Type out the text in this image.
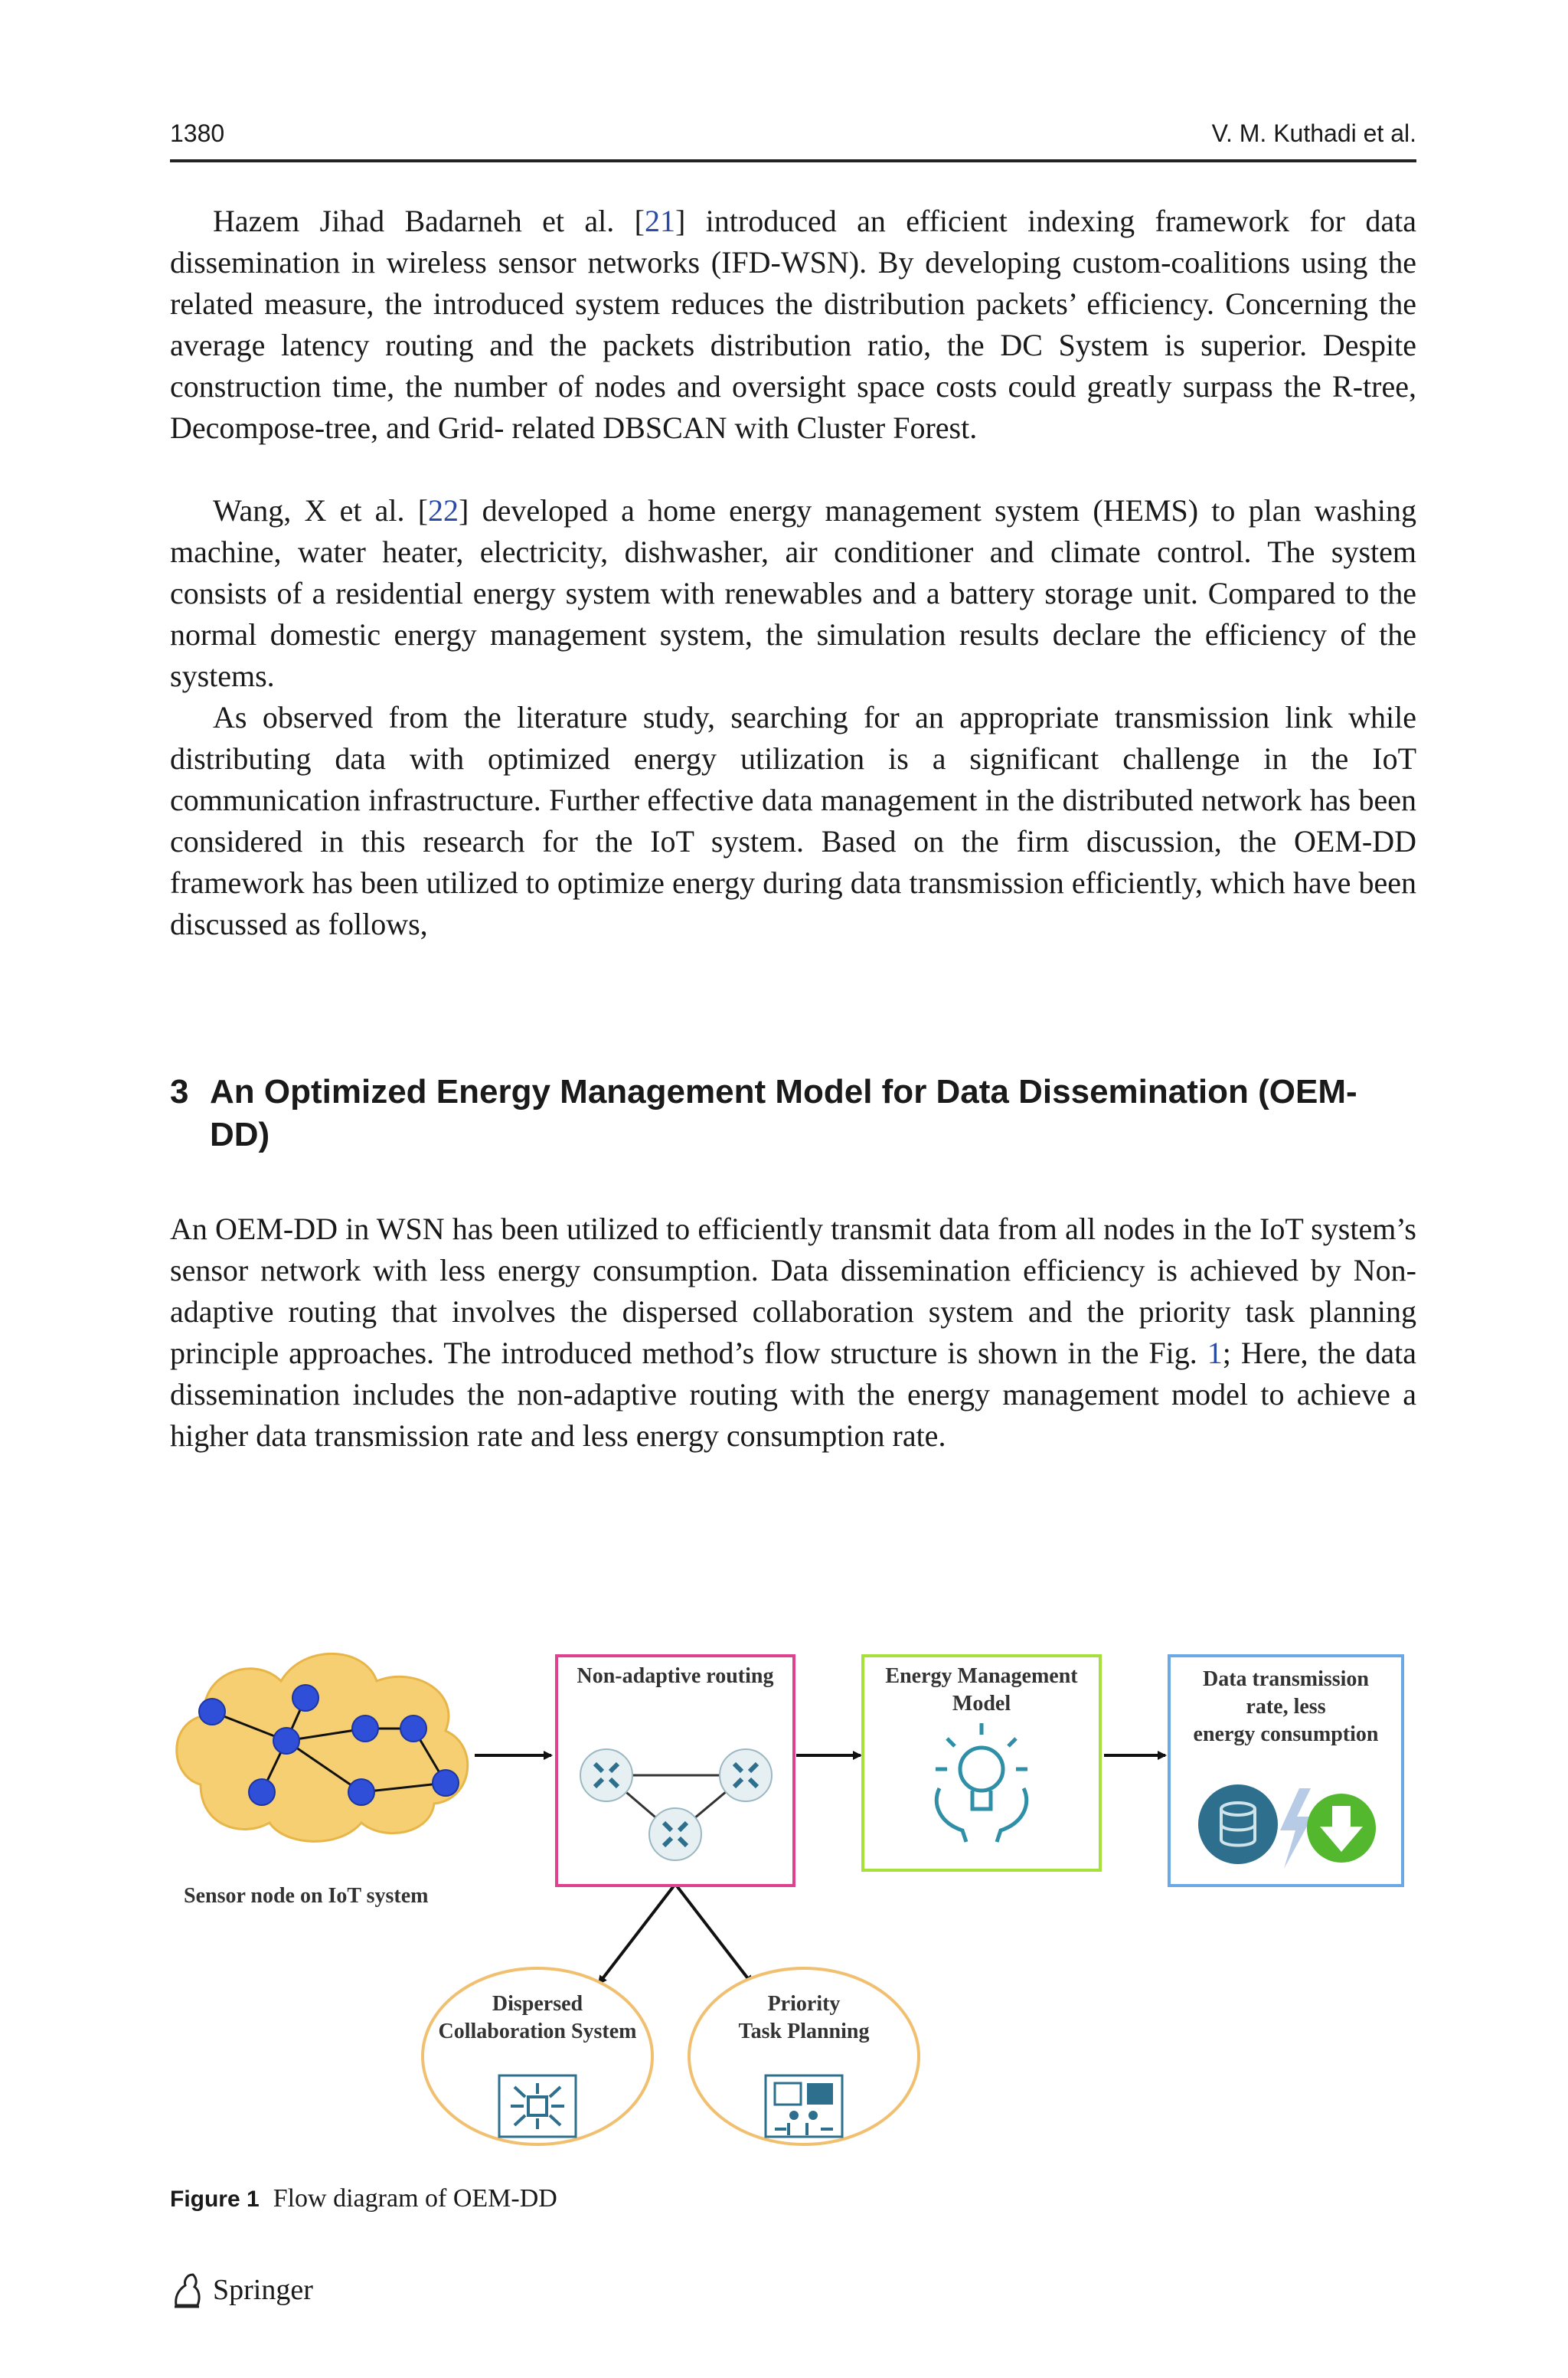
1380	V. M. Kuthadi et al.

Hazem Jihad Badarneh et al. [21] introduced an efficient indexing framework for data dissemination in wireless sensor networks (IFD-WSN). By developing custom-coalitions using the related measure, the introduced system reduces the distribution packets’ efficiency. Concerning the average latency routing and the packets distribution ratio, the DC System is superior. Despite construction time, the number of nodes and oversight space costs could greatly surpass the R-tree, Decompose-tree, and Grid- related DBSCAN with Cluster Forest.

Wang, X et al. [22] developed a home energy management system (HEMS) to plan washing machine, water heater, electricity, dishwasher, air conditioner and climate control. The system consists of a residential energy system with renewables and a battery storage unit. Compared to the normal domestic energy management system, the simulation results declare the efficiency of the systems.

As observed from the literature study, searching for an appropriate transmission link while distributing data with optimized energy utilization is a significant challenge in the IoT communication infrastructure. Further effective data management in the distributed network has been considered in this research for the IoT system. Based on the firm discussion, the OEM-DD framework has been utilized to optimize energy during data transmission efficiently, which have been discussed as follows,

3 An Optimized Energy Management Model for Data Dissemination (OEM-DD)

An OEM-DD in WSN has been utilized to efficiently transmit data from all nodes in the IoT system’s sensor network with less energy consumption. Data dissemination efficiency is achieved by Non-adaptive routing that involves the dispersed collaboration system and the priority task planning principle approaches. The introduced method’s flow structure is shown in the Fig. 1; Here, the data dissemination includes the non-adaptive routing with the energy management model to achieve a higher data transmission rate and less energy consumption rate.

Non-adaptive routing	Energy Management
Model
Data transmission
rate, less
energy consumption
Sensor node on IoT system
Dispersed
Collaboration System
Priority
Task Planning
Figure 1 Flow diagram of OEM-DD
Springer
